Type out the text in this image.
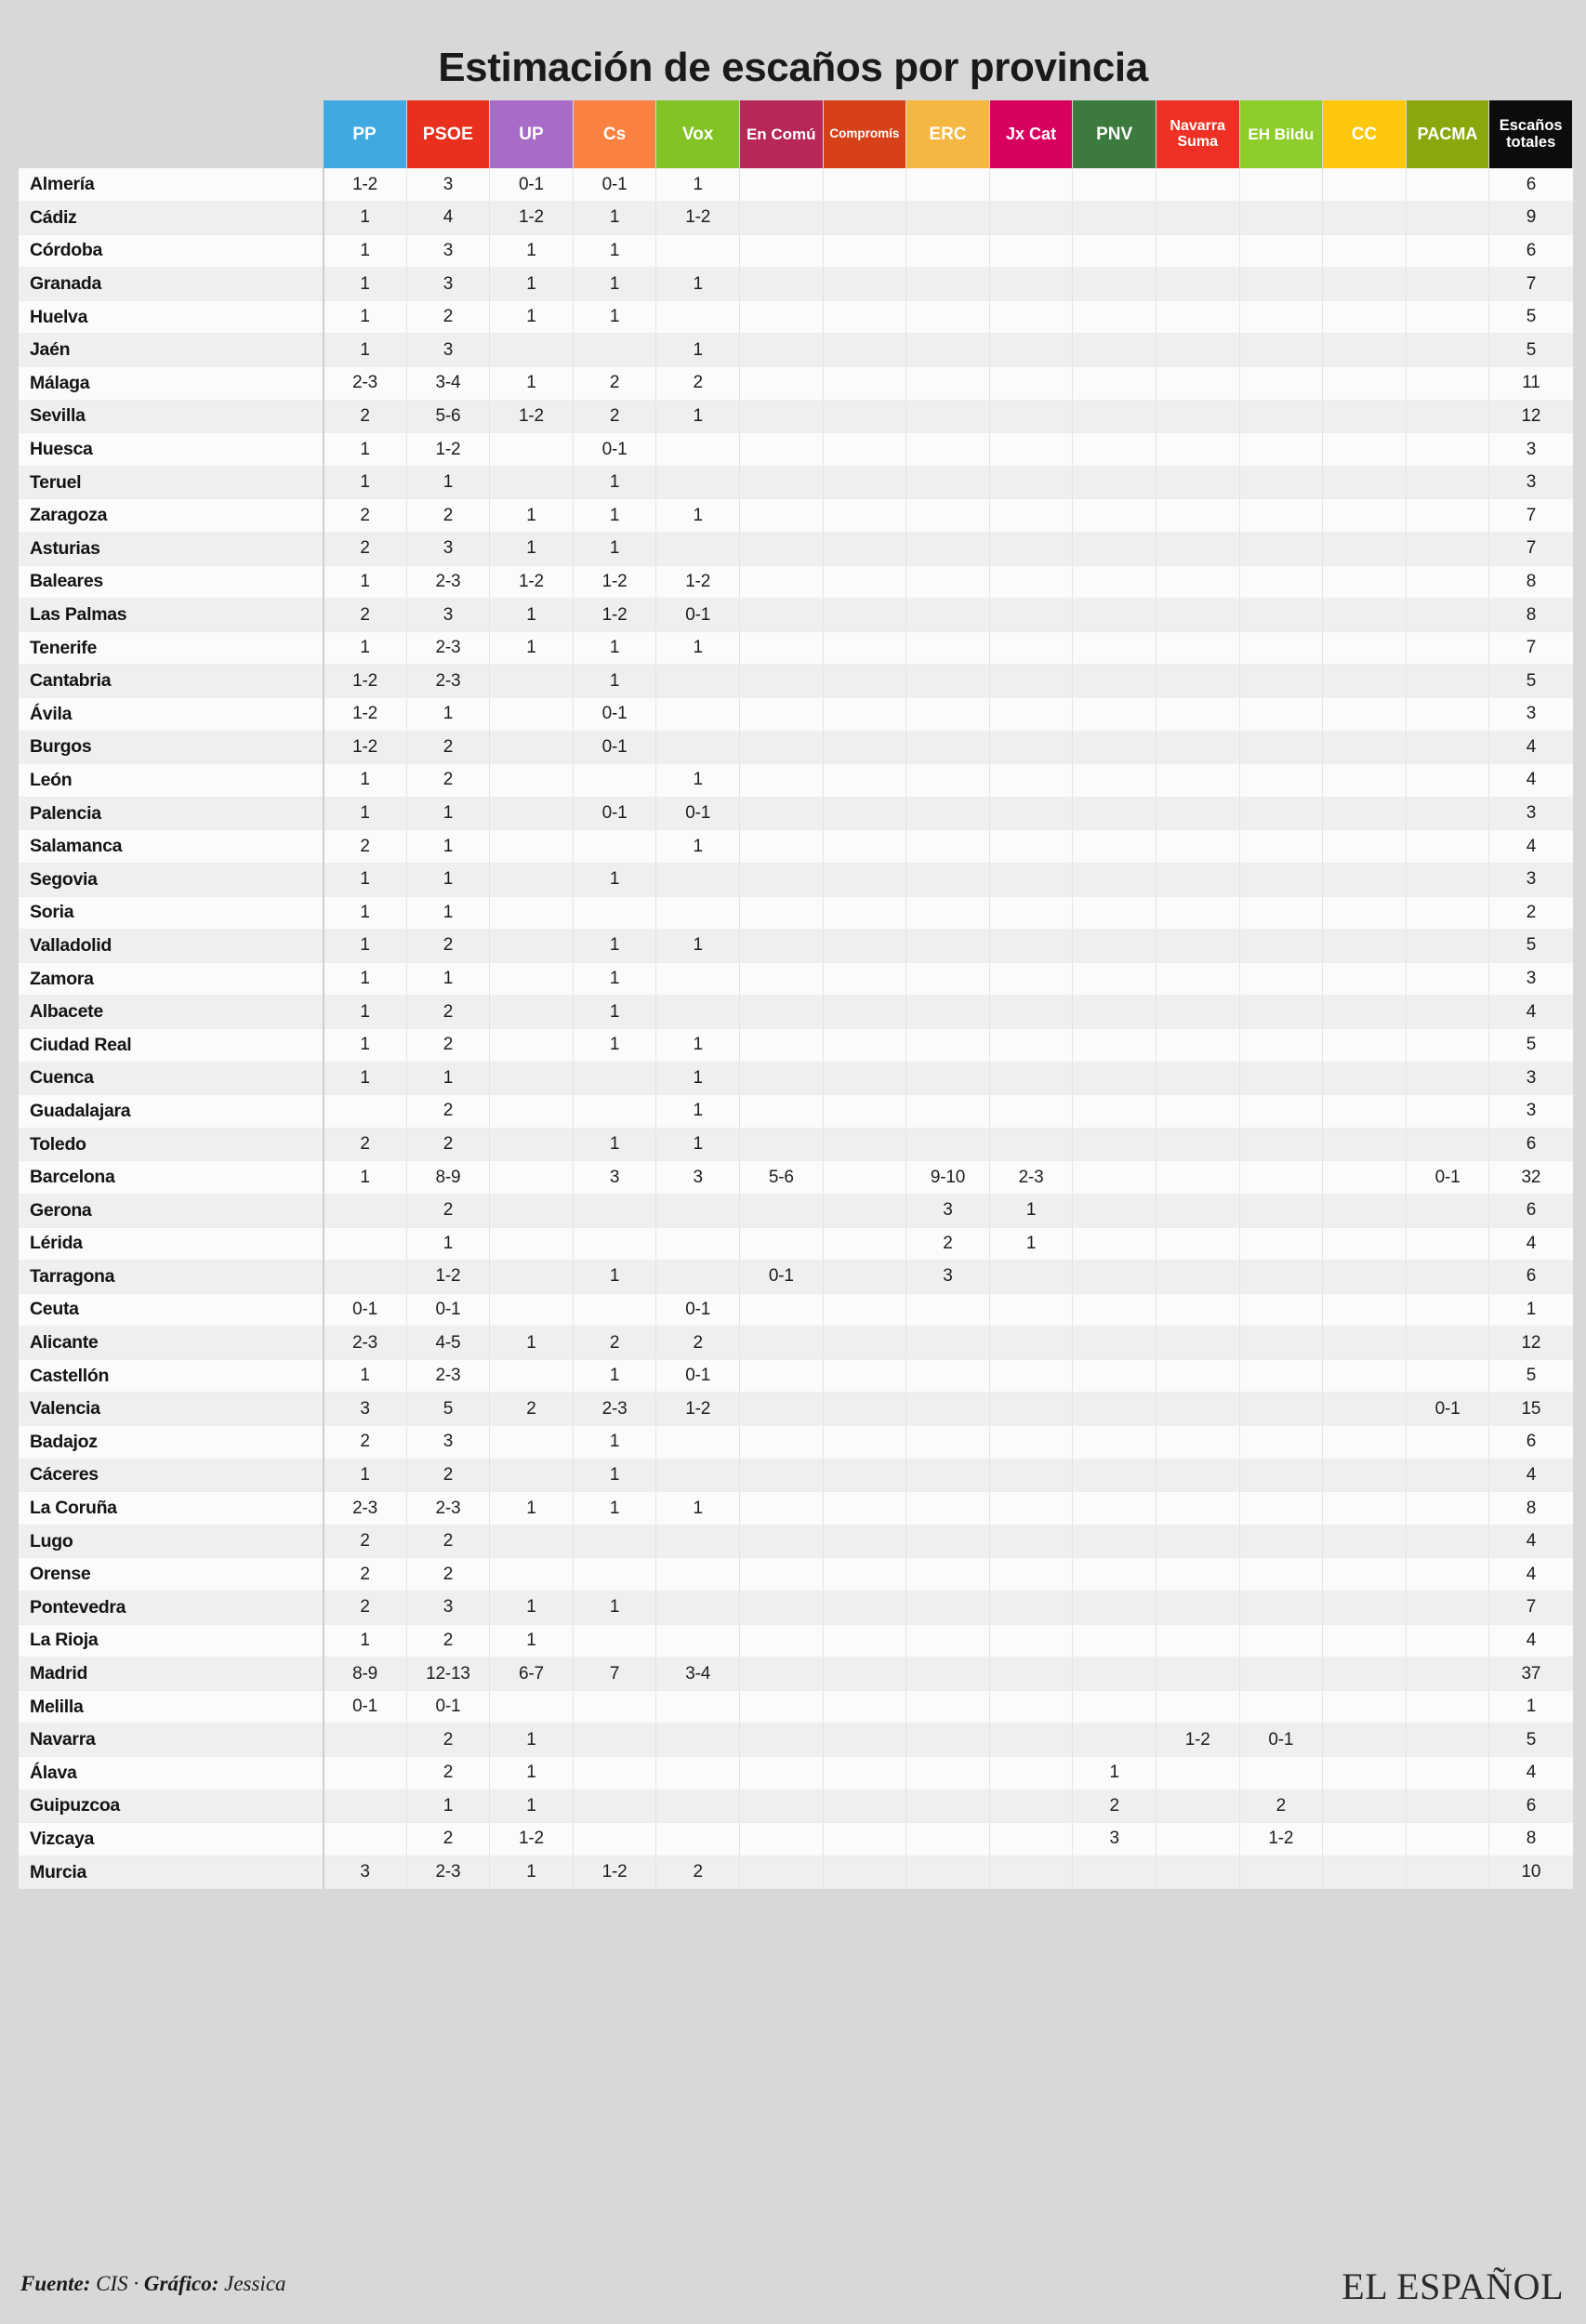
Estimación de escaños por provincia

	PP	PSOE	UP	Cs	Vox	En Comú	Compromís	ERC	Jx Cat	PNV	Navarra Suma	EH Bildu	CC	PACMA	Escaños totales

Almería	1-2	3	0-1	0-1	1										6
Cádiz	1	4	1-2	1	1-2										9
Córdoba	1	3	1	1											6
Granada	1	3	1	1	1										7
Huelva	1	2	1	1											5
Jaén	1	3			1										5
Málaga	2-3	3-4	1	2	2										11
Sevilla	2	5-6	1-2	2	1										12
Huesca	1	1-2		0-1											3
Teruel	1	1		1											3
Zaragoza	2	2	1	1	1										7
Asturias	2	3	1	1											7
Baleares	1	2-3	1-2	1-2	1-2										8
Las Palmas	2	3	1	1-2	0-1										8
Tenerife	1	2-3	1	1	1										7
Cantabria	1-2	2-3		1											5
Ávila	1-2	1		0-1											3
Burgos	1-2	2		0-1											4
León	1	2			1										4
Palencia	1	1		0-1	0-1										3
Salamanca	2	1			1										4
Segovia	1	1		1											3
Soria	1	1													2
Valladolid	1	2		1	1										5
Zamora	1	1		1											3
Albacete	1	2		1											4
Ciudad Real	1	2		1	1										5
Cuenca	1	1			1										3
Guadalajara		2			1										3
Toledo	2	2		1	1										6
Barcelona	1	8-9		3	3	5-6		9-10	2-3					0-1	32
Gerona		2						3	1						6
Lérida		1						2	1						4
Tarragona		1-2		1		0-1		3							6
Ceuta	0-1	0-1			0-1										1
Alicante	2-3	4-5	1	2	2										12
Castellón	1	2-3		1	0-1										5
Valencia	3	5	2	2-3	1-2									0-1	15
Badajoz	2	3		1											6
Cáceres	1	2		1											4
La Coruña	2-3	2-3	1	1	1										8
Lugo	2	2													4
Orense	2	2													4
Pontevedra	2	3	1	1											7
La Rioja	1	2	1												4
Madrid	8-9	12-13	6-7	7	3-4										37
Melilla	0-1	0-1													1
Navarra		2	1								1-2	0-1			5
Álava		2	1							1					4
Guipuzcoa		1	1							2		2			6
Vizcaya		2	1-2							3		1-2			8
Murcia	3	2-3	1	1-2	2										10
Fuente: CIS · Gráfico: Jessica	EL ESPAÑOL
